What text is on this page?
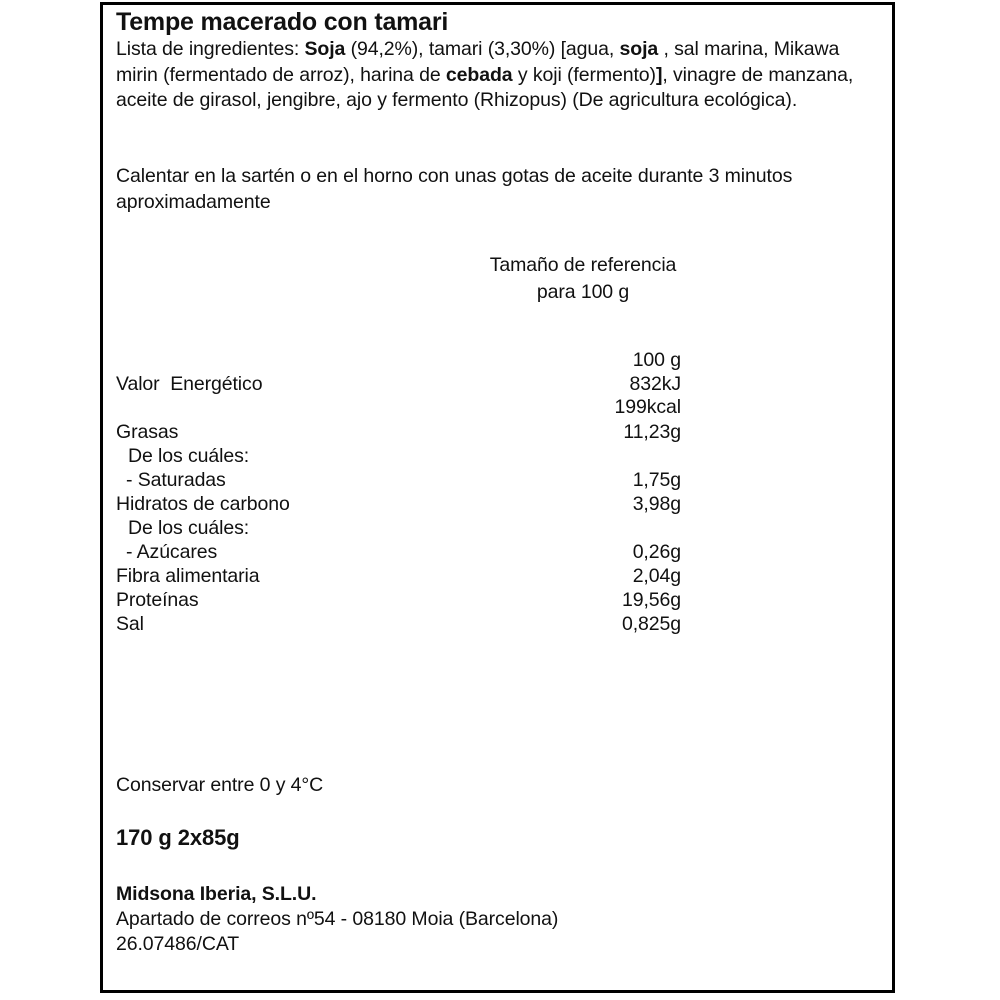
Tempe macerado con tamari
Lista de ingredientes: Soja (94,2%), tamari (3,30%) [agua, soja , sal marina, Mikawa mirin (fermentado de arroz), harina de cebada y koji (fermento)], vinagre de manzana, aceite de girasol, jengibre, ajo y fermento (Rhizopus) (De agricultura ecológica).
Calentar en la sartén o en el horno con unas gotas de aceite durante 3 minutos aproximadamente
Tamaño de referencia
para 100 g
	100 g
Valor  Energético	832kJ
	199kcal
Grasas	11,23g
De los cuáles:	
- Saturadas	1,75g
Hidratos de carbono	3,98g
De los cuáles:	
- Azúcares	0,26g
Fibra alimentaria	2,04g
Proteínas	19,56g
Sal	0,825g
Conservar entre 0 y 4°C
170 g 2x85g
Midsona Iberia, S.L.U.
Apartado de correos nº54 - 08180 Moia (Barcelona)
26.07486/CAT
